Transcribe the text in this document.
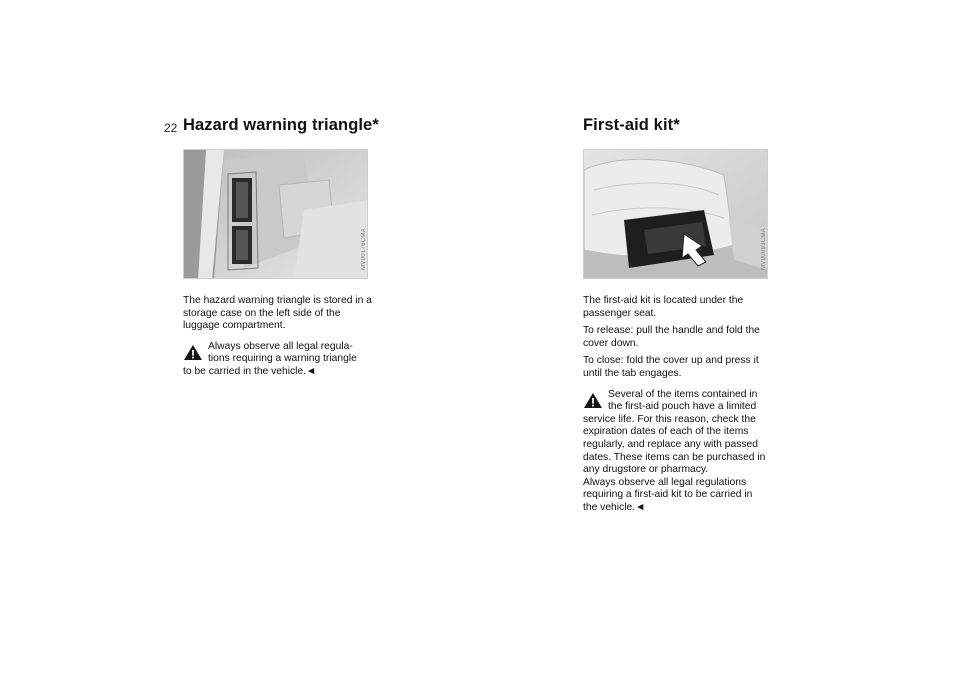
22 Hazard warning triangle*
MV00176CMA

The hazard warning triangle is stored in a storage case on the left side of the luggage compartment.

Always observe all legal regula-
tions requiring a warning triangle
to be carried in the vehicle.◄

First-aid kit*
MV00093CMA

The first-aid kit is located under the passenger seat.

To release: pull the handle and fold the cover down.

To close: fold the cover up and press it until the tab engages.

Several of the items contained in
the first-aid pouch have a limited
service life. For this reason, check the
expiration dates of each of the items
regularly, and replace any with passed
dates. These items can be purchased in
any drugstore or pharmacy.
Always observe all legal regulations
requiring a first-aid kit to be carried in
the vehicle.◄
